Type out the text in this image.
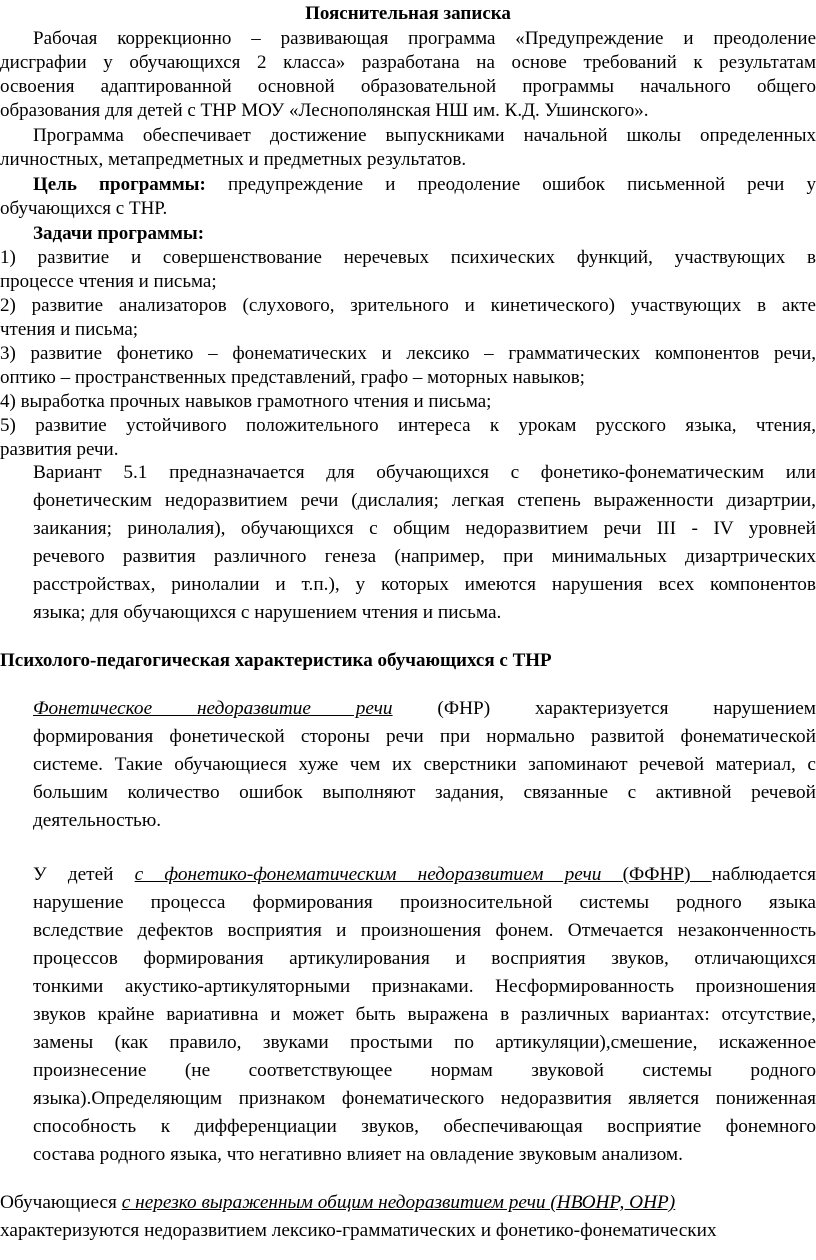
Пояснительная записка

Рабочая коррекционно – развивающая программа «Предупреждение и преодоление

дисграфии у обучающихся 2 класса» разработана на основе требований к результатам

освоения адаптированной основной образовательной программы начального общего

образования для детей с ТНР МОУ «Леснополянская НШ им. К.Д. Ушинского».

Программа обеспечивает достижение выпускниками начальной школы определенных

личностных, метапредметных и предметных результатов.

Цель программы: предупреждение и преодоление ошибок письменной речи у

обучающихся с ТНР.

Задачи программы:

1) развитие и совершенствование неречевых психических функций, участвующих в

процессе чтения и письма;

2) развитие анализаторов (слухового, зрительного и кинетического) участвующих в акте

чтения и письма;

3) развитие фонетико – фонематических и лексико – грамматических компонентов речи,

оптико – пространственных представлений, графо – моторных навыков;

4) выработка прочных навыков грамотного чтения и письма;

5) развитие устойчивого положительного интереса к урокам русского языка, чтения,

развития речи.

Вариант 5.1 предназначается для обучающихся с фонетико-фонематическим или

фонетическим недоразвитием речи (дислалия; легкая степень выраженности дизартрии,

заикания; ринолалия), обучающихся с общим недоразвитием речи III - IV уровней

речевого развития различного генеза (например, при минимальных дизартрических

расстройствах, ринолалии и т.п.), у которых имеются нарушения всех компонентов

языка; для обучающихся с нарушением чтения и письма.

Психолого-педагогическая характеристика обучающихся с ТНР

Фонетическое недоразвитие речи (ФНР) характеризуется нарушением

формирования фонетической стороны речи при нормально развитой фонематической

системе. Такие обучающиеся хуже чем их сверстники запоминают речевой материал, с

большим количество ошибок выполняют задания, связанные с активной речевой

деятельностью.

У детей с фонетико-фонематическим недоразвитием речи (ФФНР) наблюдается

нарушение процесса формирования произносительной системы родного языка

вследствие дефектов восприятия и произношения фонем. Отмечается незаконченность

процессов формирования артикулирования и восприятия звуков, отличающихся

тонкими акустико-артикуляторными признаками. Несформированность произношения

звуков крайне вариативна и может быть выражена в различных вариантах: отсутствие,

замены (как правило, звуками простыми по артикуляции),смешение, искаженное

произнесение (не соответствующее нормам звуковой системы родного

языка).Определяющим признаком фонематического недоразвития является пониженная

способность к дифференциации звуков, обеспечивающая восприятие фонемного

состава родного языка, что негативно влияет на овладение звуковым анализом.

Обучающиеся с нерезко выраженным общим недоразвитием речи (НВОНР, ОНР)

характеризуются недоразвитием лексико-грамматических и фонетико-фонематических
